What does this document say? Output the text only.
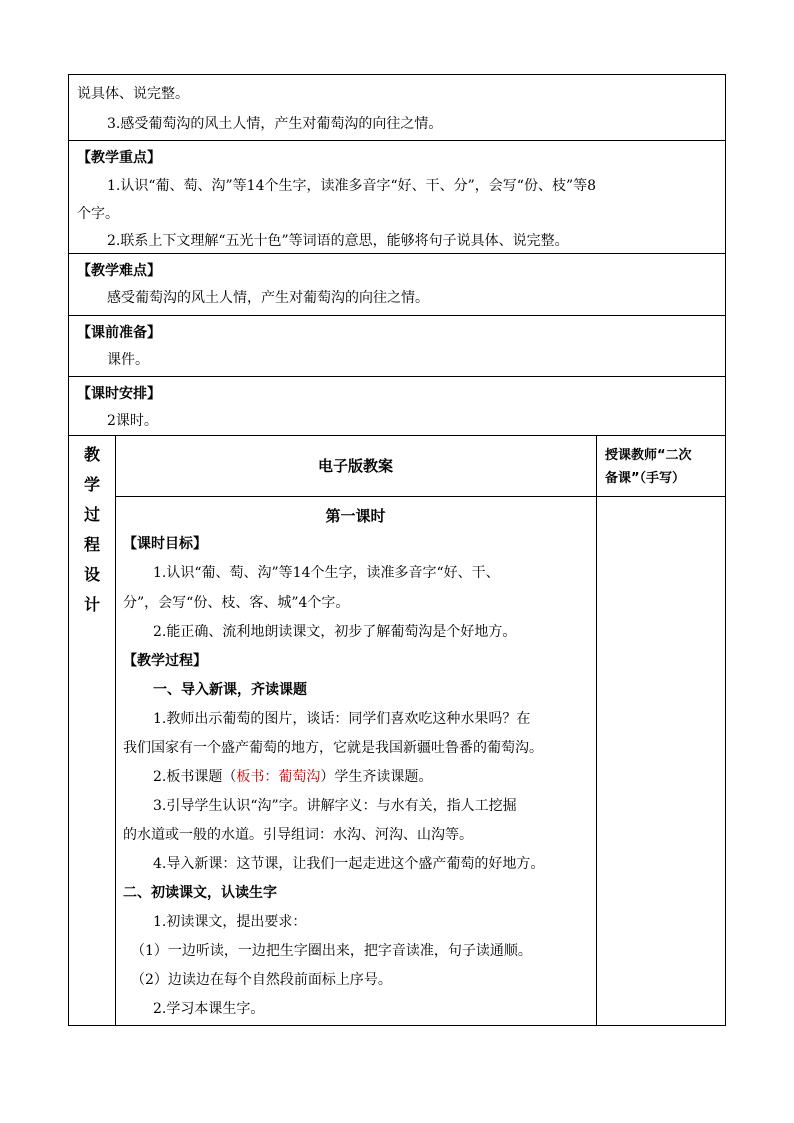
说具体、说完整。
3.感受葡萄沟的风土人情，产生对葡萄沟的向往之情。
【教学重点】
1.认识“葡、萄、沟”等14个生字，读准多音字“好、干、分”，会写“份、枝”等8
个字。
2.联系上下文理解“五光十色”等词语的意思，能够将句子说具体、说完整。
【教学难点】
感受葡萄沟的风土人情，产生对葡萄沟的向往之情。
【课前准备】
课件。
【课时安排】
2课时。
教
学
过
程
设
计
电子版教案
授课教师“二次
备课”（手写）
第一课时
【课时目标】
1.认识“葡、萄、沟”等14个生字，读准多音字“好、干、
分”，会写“份、枝、客、城”4个字。
2.能正确、流利地朗读课文，初步了解葡萄沟是个好地方。
【教学过程】
一、导入新课，齐读课题
1.教师出示葡萄的图片，谈话：同学们喜欢吃这种水果吗？在
我们国家有一个盛产葡萄的地方，它就是我国新疆吐鲁番的葡萄沟。
2.板书课题（板书：葡萄沟）学生齐读课题。
3.引导学生认识“沟”字。讲解字义：与水有关，指人工挖掘
的水道或一般的水道。引导组词：水沟、河沟、山沟等。
4.导入新课：这节课，让我们一起走进这个盛产葡萄的好地方。
二、初读课文，认读生字
1.初读课文，提出要求：
（1）一边听读，一边把生字圈出来，把字音读准，句子读通顺。
（2）边读边在每个自然段前面标上序号。
2.学习本课生字。
